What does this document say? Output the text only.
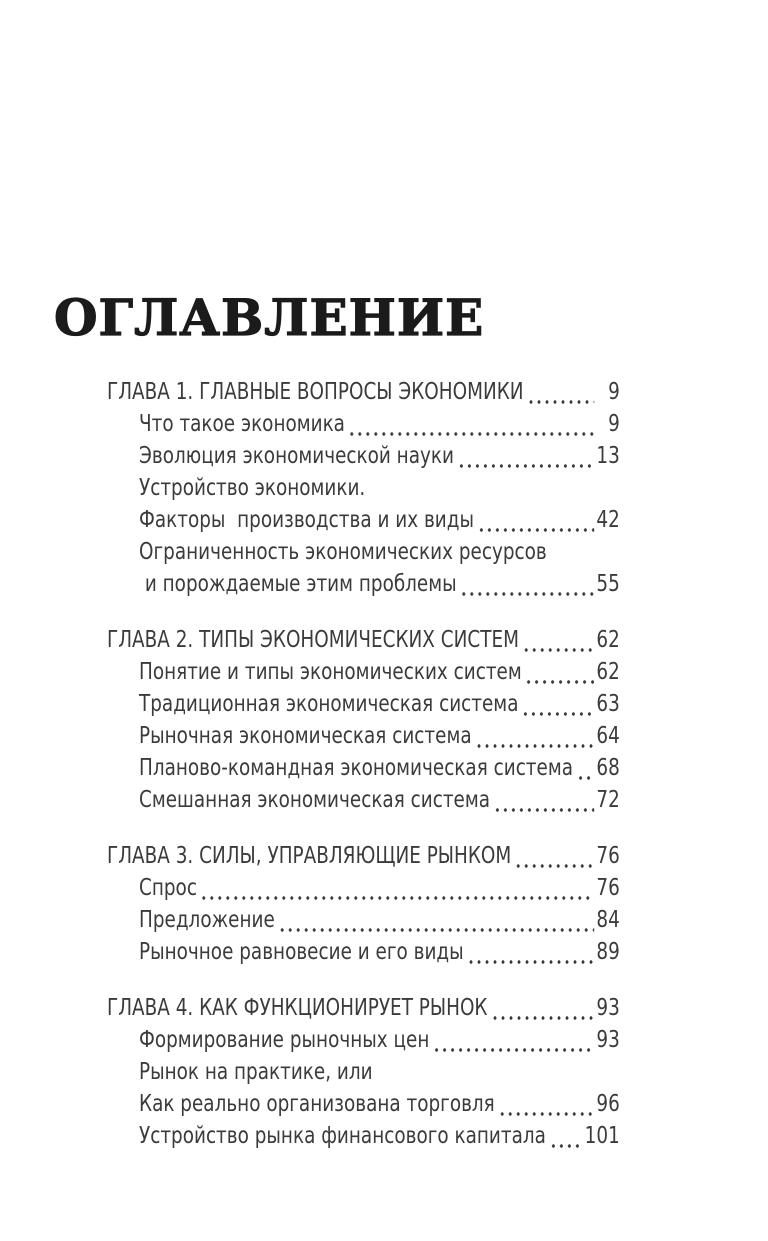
ОГЛАВЛЕНИЕ
ГЛАВА 1. ГЛАВНЫЕ ВОПРОСЫ ЭКОНОМИКИ	9
Что такое экономика	9
Эволюция экономической науки	13
Устройство экономики.
Факторы  производства и их виды	42
Ограниченность экономических ресурсов
и порождаемые этим проблемы	55
ГЛАВА 2. ТИПЫ ЭКОНОМИЧЕСКИХ СИСТЕМ	62
Понятие и типы экономических систем	62
Традиционная экономическая система	63
Рыночная экономическая система	64
Планово-командная экономическая система 68
Смешанная экономическая система	72
ГЛАВА 3. СИЛЫ, УПРАВЛЯЮЩИЕ РЫНКОМ	76
Спрос	76
Предложение	84
Рыночное равновесие и его виды	89
ГЛАВА 4. КАК ФУНКЦИОНИРУЕТ РЫНОК	93
Формирование рыночных цен	93
Рынок на практике, или
Как реально организована торговля	96
Устройство рынка финансового капитала 101
